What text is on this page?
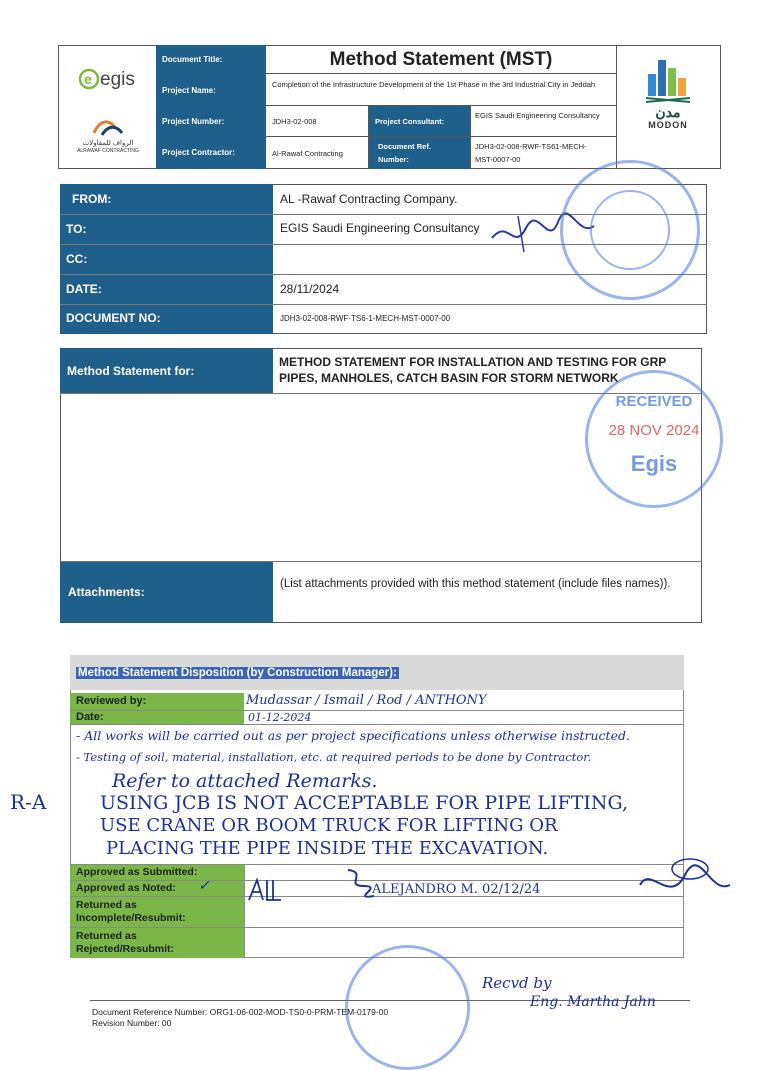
e egis
الرواف للمقاولات
ALRAWAF CONTRACTING
Document Title:
Project Name:
Project Number:
Project Contractor:
Method Statement (MST)
Completion of the Infrastructure Development of the 1st Phase in the 3rd Industrial City in Jeddah
JDH3-02-008
Al-Rawaf Contracting
Project Consultant:
Document Ref. Number:
EGIS Saudi Engineering Consultancy
JDH3-02-008-RWF-TS61-MECH-MST-0007-00
مدن
MODON
FROM:
TO:
CC:
DATE:
DOCUMENT NO:
AL -Rawaf Contracting Company.
EGIS Saudi Engineering Consultancy
28/11/2024
JDH3-02-008-RWF-TS6-1-MECH-MST-0007-00
Method Statement for:
METHOD STATEMENT FOR INSTALLATION AND TESTING FOR GRP PIPES, MANHOLES, CATCH BASIN FOR STORM NETWORK
Attachments:
(List attachments provided with this method statement (include files names)).
RECEIVED
28 NOV 2024
Egis
Method Statement Disposition (by Construction Manager):
Reviewed by:
Date:
Mudassar / Ismail / Rod / ANTHONY
01-12-2024
- All works will be carried out as per project specifications unless otherwise instructed.
- Testing of soil, material, installation, etc. at required periods to be done by Contractor.
Refer to attached Remarks.
USING JCB IS NOT ACCEPTABLE FOR PIPE LIFTING,
USE CRANE OR BOOM TRUCK FOR LIFTING OR
PLACING THE PIPE INSIDE THE EXCAVATION.
R-A
Approved as Submitted:
Approved as Noted: ✓
Returned as Incomplete/Resubmit:
Returned as Rejected/Resubmit:
ALEJANDRO M. 02/12/24
Document Reference Number: ORG1-06-002-MOD-TS0-0-PRM-TEM-0179-00
Revision Number: 00
Recvd by
Eng. Martha Jahn
